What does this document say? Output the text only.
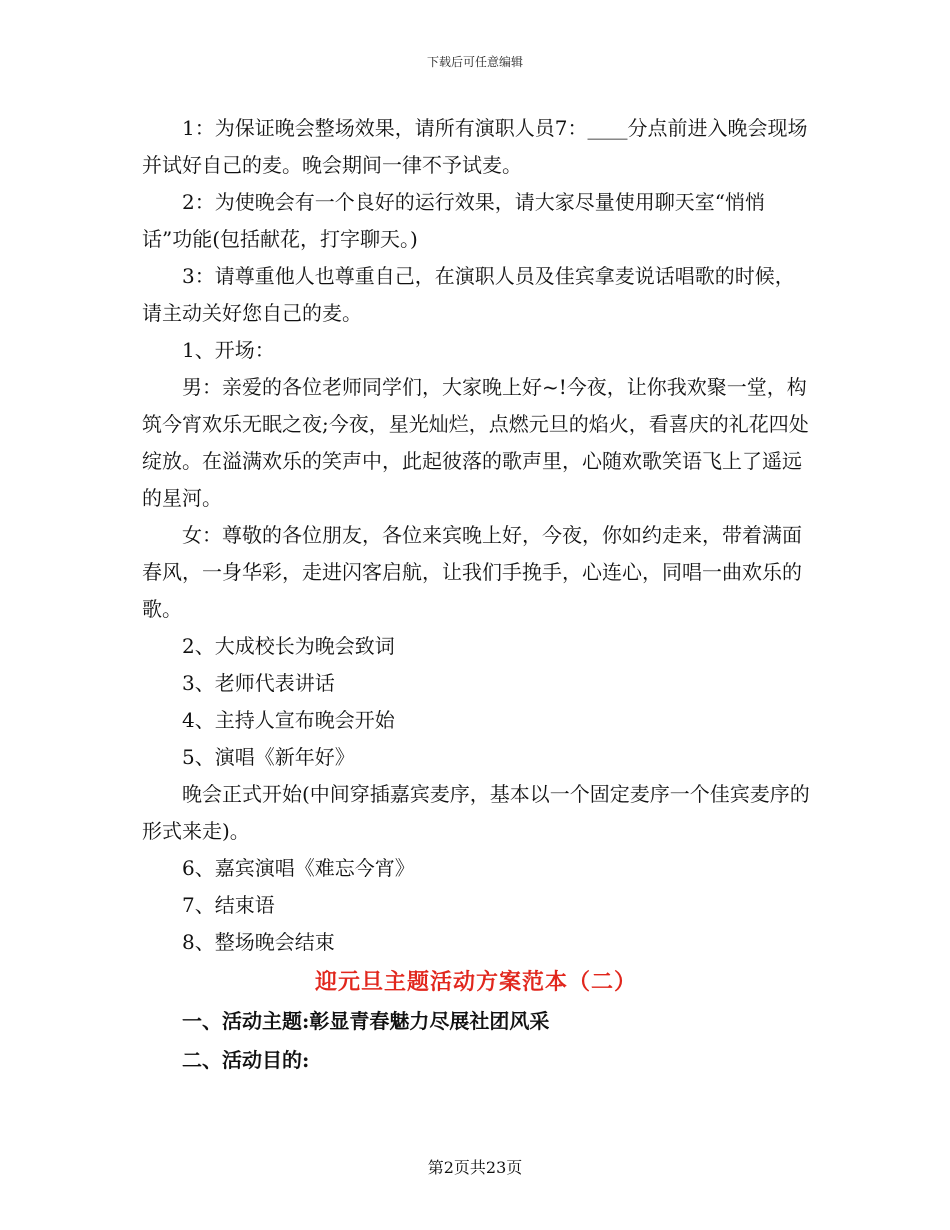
下载后可任意编辑

1：为保证晚会整场效果，请所有演职人员7：____分点前进入晚会现场并试好自己的麦。晚会期间一律不予试麦。

2：为使晚会有一个良好的运行效果，请大家尽量使用聊天室“悄悄话”功能(包括献花，打字聊天。)

3：请尊重他人也尊重自己，在演职人员及佳宾拿麦说话唱歌的时候，请主动关好您自己的麦。

1、开场：

男：亲爱的各位老师同学们，大家晚上好~!今夜，让你我欢聚一堂，构筑今宵欢乐无眠之夜;今夜，星光灿烂，点燃元旦的焰火，看喜庆的礼花四处绽放。在溢满欢乐的笑声中，此起彼落的歌声里，心随欢歌笑语飞上了遥远的星河。

女：尊敬的各位朋友，各位来宾晚上好，今夜，你如约走来，带着满面春风，一身华彩，走进闪客启航，让我们手挽手，心连心，同唱一曲欢乐的歌。

2、大成校长为晚会致词

3、老师代表讲话

4、主持人宣布晚会开始

5、演唱《新年好》

晚会正式开始(中间穿插嘉宾麦序，基本以一个固定麦序一个佳宾麦序的形式来走)。

6、嘉宾演唱《难忘今宵》

7、结束语

8、整场晚会结束

迎元旦主题活动方案范本（二）
一、活动主题:彰显青春魅力尽展社团风采
二、活动目的:
第2页共23页
